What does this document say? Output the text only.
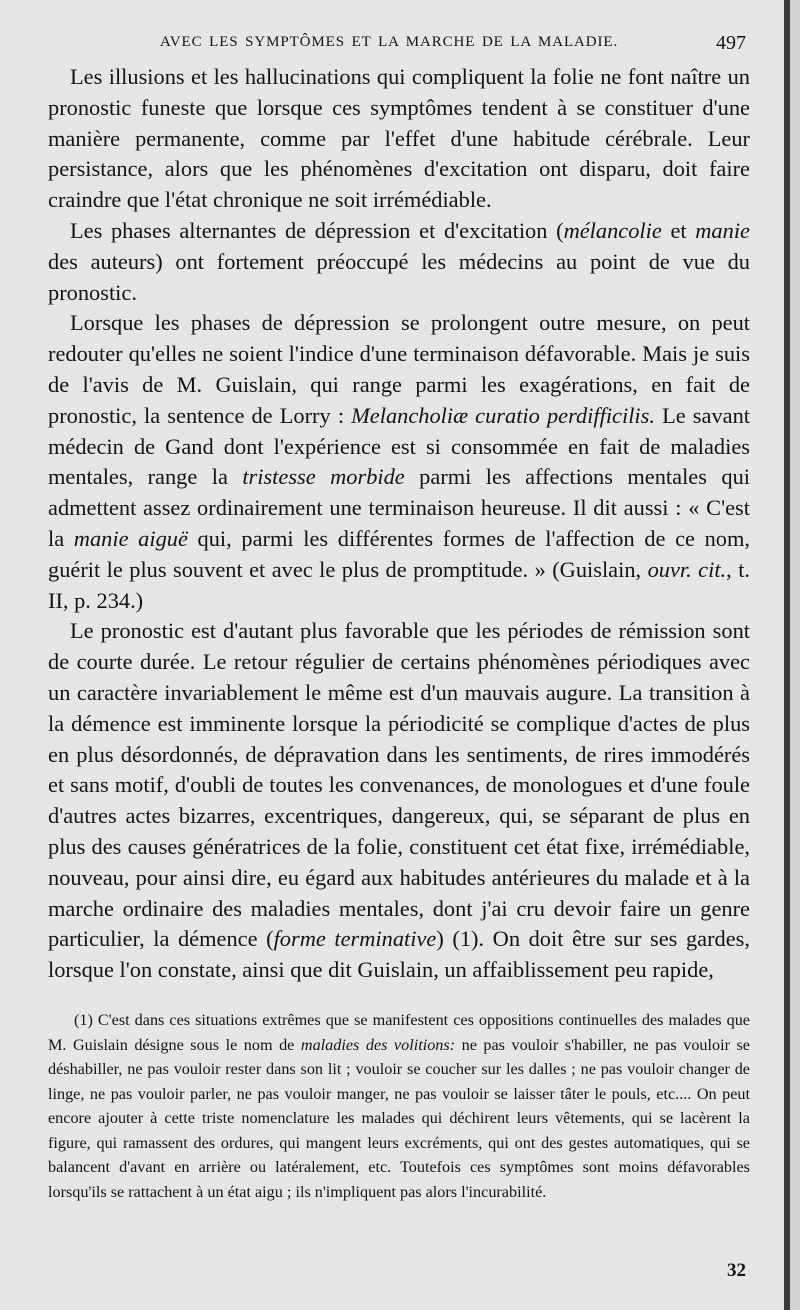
AVEC LES SYMPTÔMES ET LA MARCHE DE LA MALADIE.	497

Les illusions et les hallucinations qui compliquent la folie ne font naître un pronostic funeste que lorsque ces symptômes tendent à se constituer d'une manière permanente, comme par l'effet d'une habitude cérébrale. Leur persistance, alors que les phénomènes d'excitation ont disparu, doit faire craindre que l'état chronique ne soit irrémédiable.

Les phases alternantes de dépression et d'excitation (mélancolie et manie des auteurs) ont fortement préoccupé les médecins au point de vue du pronostic.

Lorsque les phases de dépression se prolongent outre mesure, on peut redouter qu'elles ne soient l'indice d'une terminaison défavorable. Mais je suis de l'avis de M. Guislain, qui range parmi les exagérations, en fait de pronostic, la sentence de Lorry : Melancholiæ curatio perdifficilis. Le savant médecin de Gand dont l'expérience est si consommée en fait de maladies mentales, range la tristesse morbide parmi les affections mentales qui admettent assez ordinairement une terminaison heureuse. Il dit aussi : « C'est la manie aiguë qui, parmi les différentes formes de l'affection de ce nom, guérit le plus souvent et avec le plus de promptitude. » (Guislain, ouvr. cit., t. II, p. 234.)

Le pronostic est d'autant plus favorable que les périodes de rémission sont de courte durée. Le retour régulier de certains phénomènes périodiques avec un caractère invariablement le même est d'un mauvais augure. La transition à la démence est imminente lorsque la périodicité se complique d'actes de plus en plus désordonnés, de dépravation dans les sentiments, de rires immodérés et sans motif, d'oubli de toutes les convenances, de monologues et d'une foule d'autres actes bizarres, excentriques, dangereux, qui, se séparant de plus en plus des causes génératrices de la folie, constituent cet état fixe, irrémédiable, nouveau, pour ainsi dire, eu égard aux habitudes antérieures du malade et à la marche ordinaire des maladies mentales, dont j'ai cru devoir faire un genre particulier, la démence (forme terminative) (1). On doit être sur ses gardes, lorsque l'on constate, ainsi que dit Guislain, un affaiblissement peu rapide,

(1) C'est dans ces situations extrêmes que se manifestent ces oppositions continuelles des malades que M. Guislain désigne sous le nom de maladies des volitions: ne pas vouloir s'habiller, ne pas vouloir se déshabiller, ne pas vouloir rester dans son lit ; vouloir se coucher sur les dalles ; ne pas vouloir changer de linge, ne pas vouloir parler, ne pas vouloir manger, ne pas vouloir se laisser tâter le pouls, etc.... On peut encore ajouter à cette triste nomenclature les malades qui déchirent leurs vêtements, qui se lacèrent la figure, qui ramassent des ordures, qui mangent leurs excréments, qui ont des gestes automatiques, qui se balancent d'avant en arrière ou latéralement, etc. Toutefois ces symptômes sont moins défavorables lorsqu'ils se rattachent à un état aigu ; ils n'impliquent pas alors l'incurabilité.

32
